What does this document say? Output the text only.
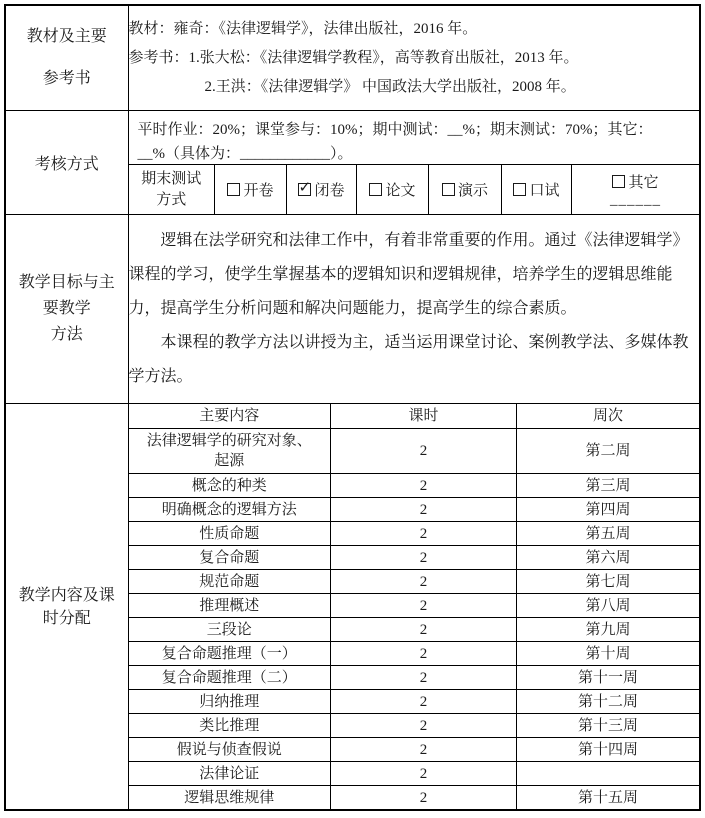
教材及主要
参考书

教材：雍奇：《法律逻辑学》，法律出版社，2016 年。
参考书：1.张大松：《法律逻辑学教程》，高等教育出版社，2013 年。
2.王洪：《法律逻辑学》 中国政法大学出版社，2008 年。

考核方式

平时作业：20%；课堂参与：10%；期中测试：__%；期末测试：70%；其它：
__%（具体为：____________）。
期末测试
方式
	开卷	✓闭卷	论文	演示	口试	
其它
______

教学目标与主
要教学
方法

逻辑在法学研究和法律工作中，有着非常重要的作用。通过《法律逻辑学》课程的学习，使学生掌握基本的逻辑知识和逻辑规律，培养学生的逻辑思维能力，提高学生分析问题和解决问题能力，提高学生的综合素质。

本课程的教学方法以讲授为主，适当运用课堂讨论、案例教学法、多媒体教学方法。

教学内容及课
时分配

主要内容	课时	周次
法律逻辑学的研究对象、起源	2	第二周
概念的种类	2	第三周
明确概念的逻辑方法	2	第四周
性质命题	2	第五周
复合命题	2	第六周
规范命题	2	第七周
推理概述	2	第八周
三段论	2	第九周
复合命题推理（一）	2	第十周
复合命题推理（二）	2	第十一周
归纳推理	2	第十二周
类比推理	2	第十三周
假说与侦查假说	2	第十四周
法律论证	2	
逻辑思维规律	2	第十五周
